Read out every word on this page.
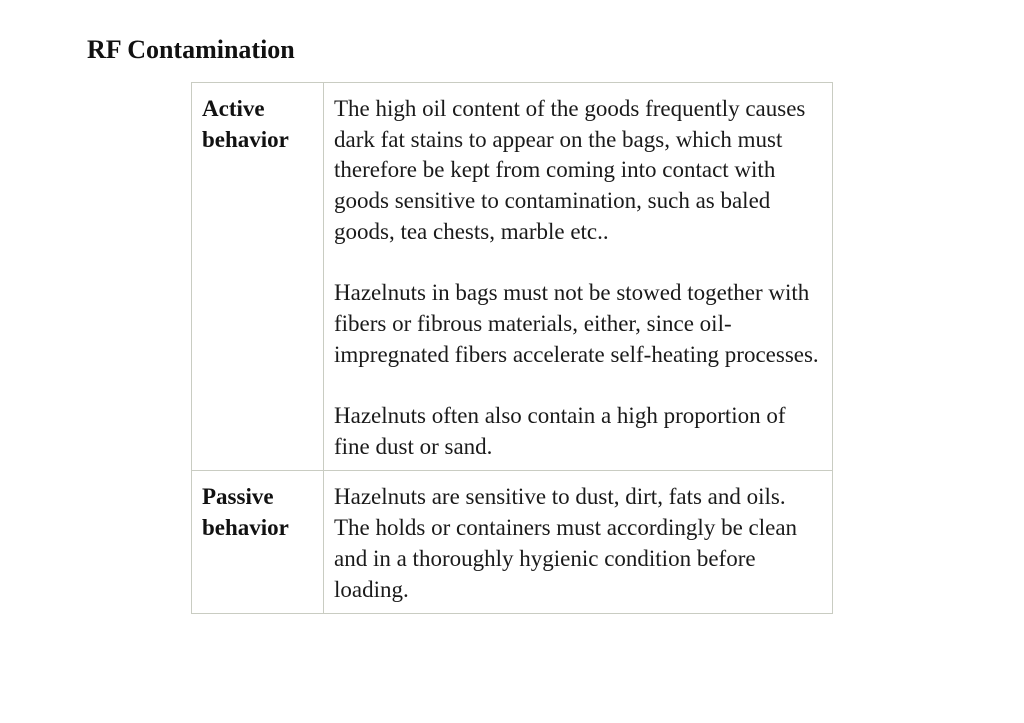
RF Contamination
Active behavior	The high oil content of the goods frequently causes dark fat stains to appear on the bags, which must therefore be kept from coming into contact with goods sensitive to contamination, such as baled goods, tea chests, marble etc..

Hazelnuts in bags must not be stowed together with fibers or fibrous materials, either, since oil-impregnated fibers accelerate self-heating processes.

Hazelnuts often also contain a high proportion of fine dust or sand.

Passive behavior	Hazelnuts are sensitive to dust, dirt, fats and oils. The holds or containers must accordingly be clean and in a thoroughly hygienic condition before loading.
